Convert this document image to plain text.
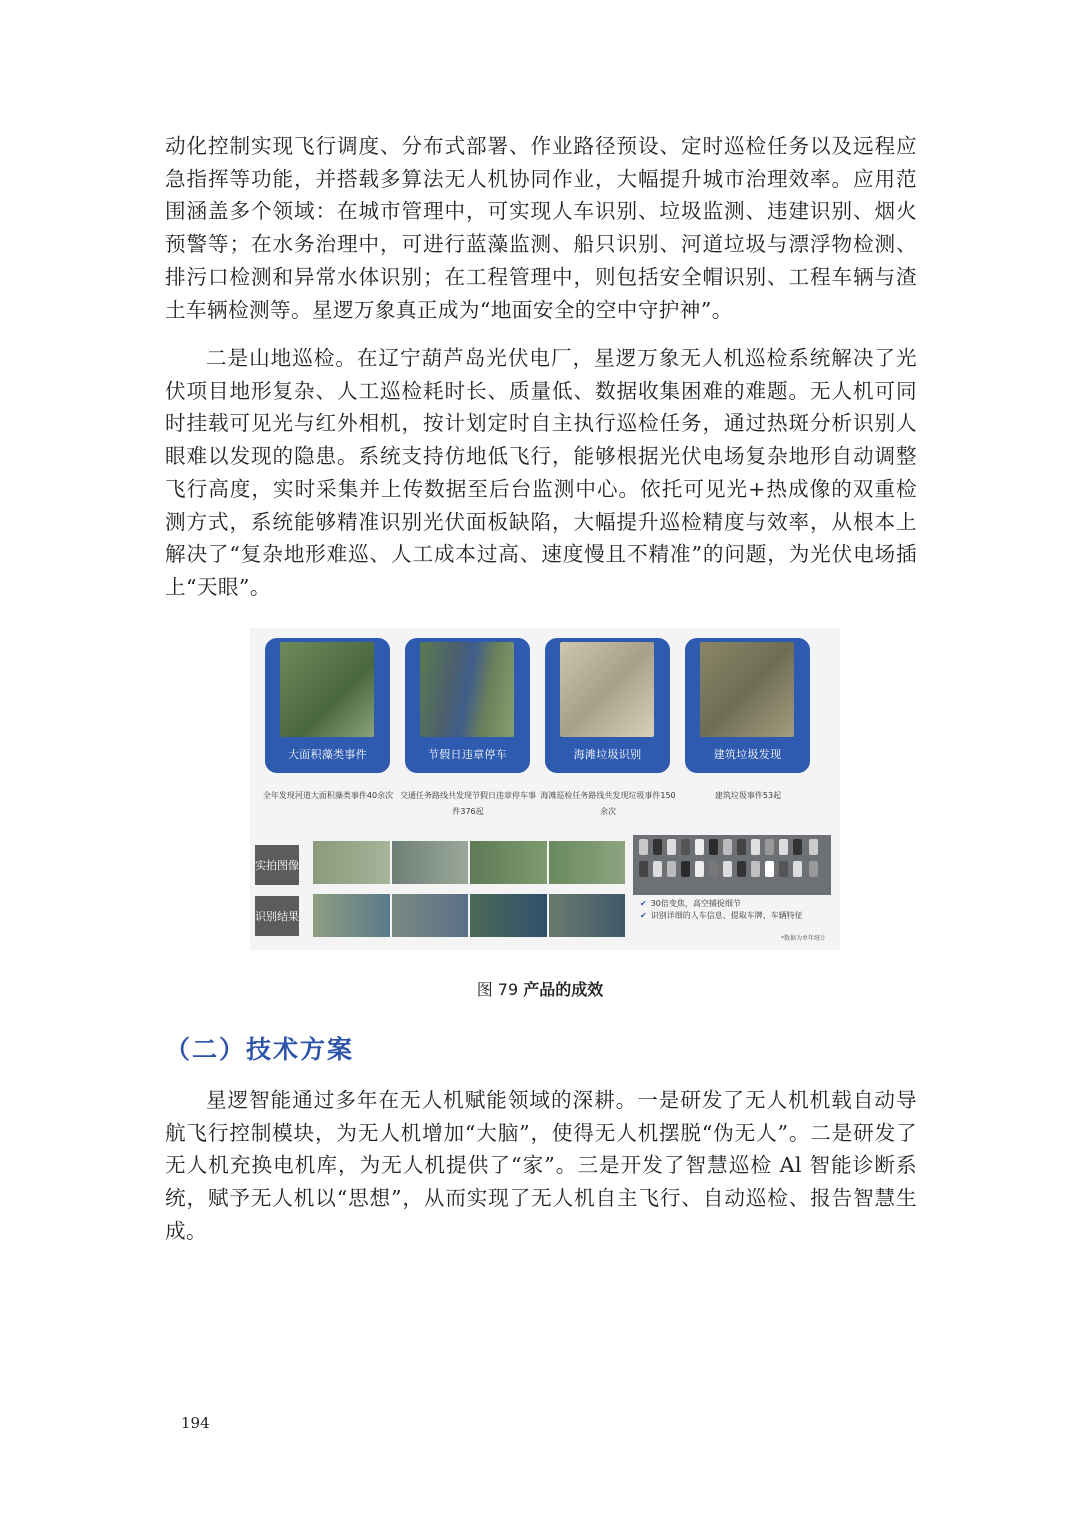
动化控制实现飞行调度、分布式部署、作业路径预设、定时巡检任务以及远程应急指挥等功能，并搭载多算法无人机协同作业，大幅提升城市治理效率。应用范围涵盖多个领域：在城市管理中，可实现人车识别、垃圾监测、违建识别、烟火预警等；在水务治理中，可进行蓝藻监测、船只识别、河道垃圾与漂浮物检测、排污口检测和异常水体识别；在工程管理中，则包括安全帽识别、工程车辆与渣土车辆检测等。星逻万象真正成为“地面安全的空中守护神”。

二是山地巡检。在辽宁葫芦岛光伏电厂，星逻万象无人机巡检系统解决了光伏项目地形复杂、人工巡检耗时长、质量低、数据收集困难的难题。无人机可同时挂载可见光与红外相机，按计划定时自主执行巡检任务，通过热斑分析识别人眼难以发现的隐患。系统支持仿地低飞行，能够根据光伏电场复杂地形自动调整飞行高度，实时采集并上传数据至后台监测中心。依托可见光+热成像的双重检测方式，系统能够精准识别光伏面板缺陷，大幅提升巡检精度与效率，从根本上解决了“复杂地形难巡、人工成本过高、速度慢且不精准”的问题，为光伏电场插上“天眼”。

大面积藻类事件	节假日违章停车	海滩垃圾识别	建筑垃圾发现
全年发现河道大面积藻类事件40余次 交通任务路线共发现节假日违章停车事件376起
海滩巡检任务路线共发现垃圾事件150余次
建筑垃圾事件53起
实拍图像
识别结果
✔ 30倍变焦，高空捕捉细节
✔ 识别详细的人车信息、提取车牌、车辆特征
*数据为单年统计
图 79 产品的成效
（二）技术方案

星逻智能通过多年在无人机赋能领域的深耕。一是研发了无人机机载自动导航飞行控制模块，为无人机增加“大脑”，使得无人机摆脱“伪无人”。二是研发了无人机充换电机库，为无人机提供了“家”。三是开发了智慧巡检 Al 智能诊断系统，赋予无人机以“思想”，从而实现了无人机自主飞行、自动巡检、报告智慧生成。

194
